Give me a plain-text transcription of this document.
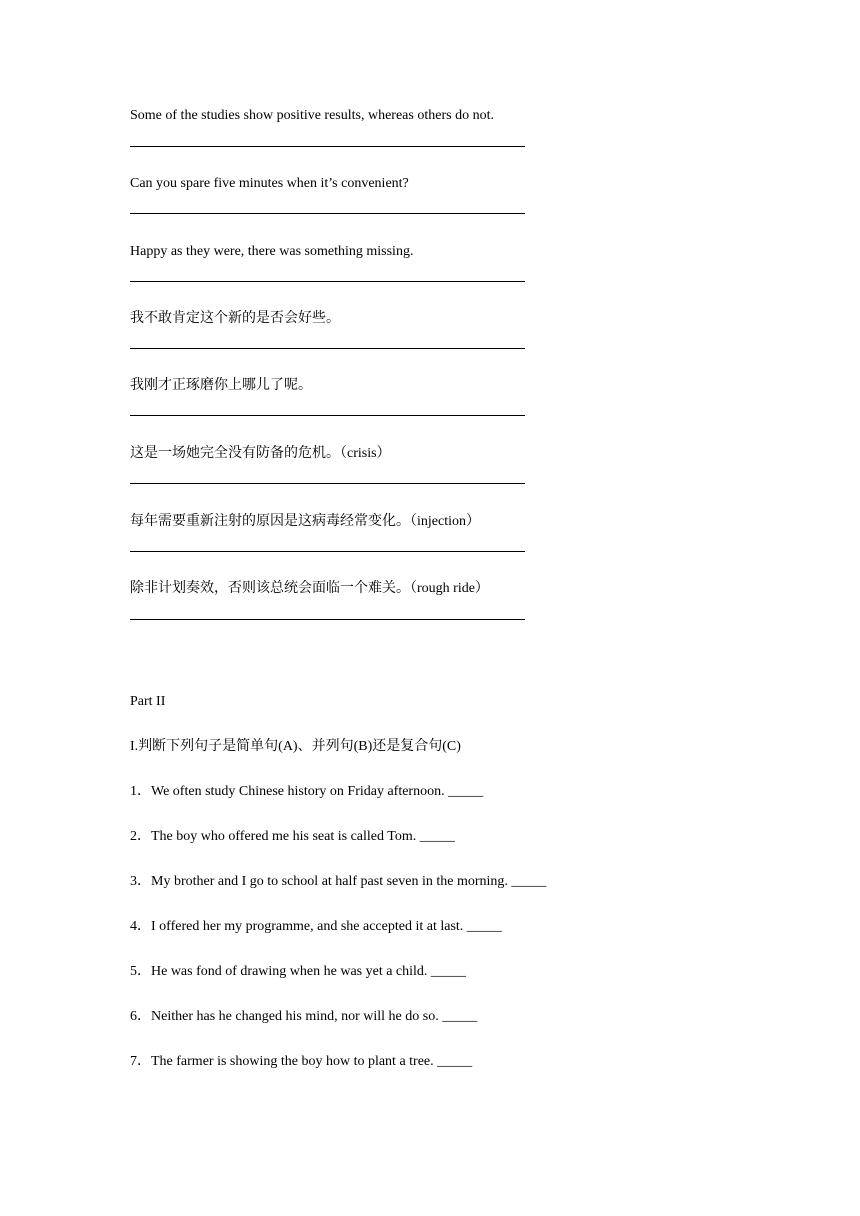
Some of the studies show positive results, whereas others do not.
Can you spare five minutes when it’s convenient?
Happy as they were, there was something missing.
我不敢肯定这个新的是否会好些。
我刚才正琢磨你上哪儿了呢。
这是一场她完全没有防备的危机。（crisis）
每年需要重新注射的原因是这病毒经常变化。（injection）
除非计划奏效，否则该总统会面临一个难关。（rough ride）
Part II
I.判断下列句子是简单句(A)、并列句(B)还是复合句(C)
1．We often study Chinese history on Friday afternoon. _____
2．The boy who offered me his seat is called Tom. _____
3．My brother and I go to school at half past seven in the morning. _____
4．I offered her my programme, and she accepted it at last. _____
5．He was fond of drawing when he was yet a child. _____
6．Neither has he changed his mind, nor will he do so. _____
7．The farmer is showing the boy how to plant a tree. _____
